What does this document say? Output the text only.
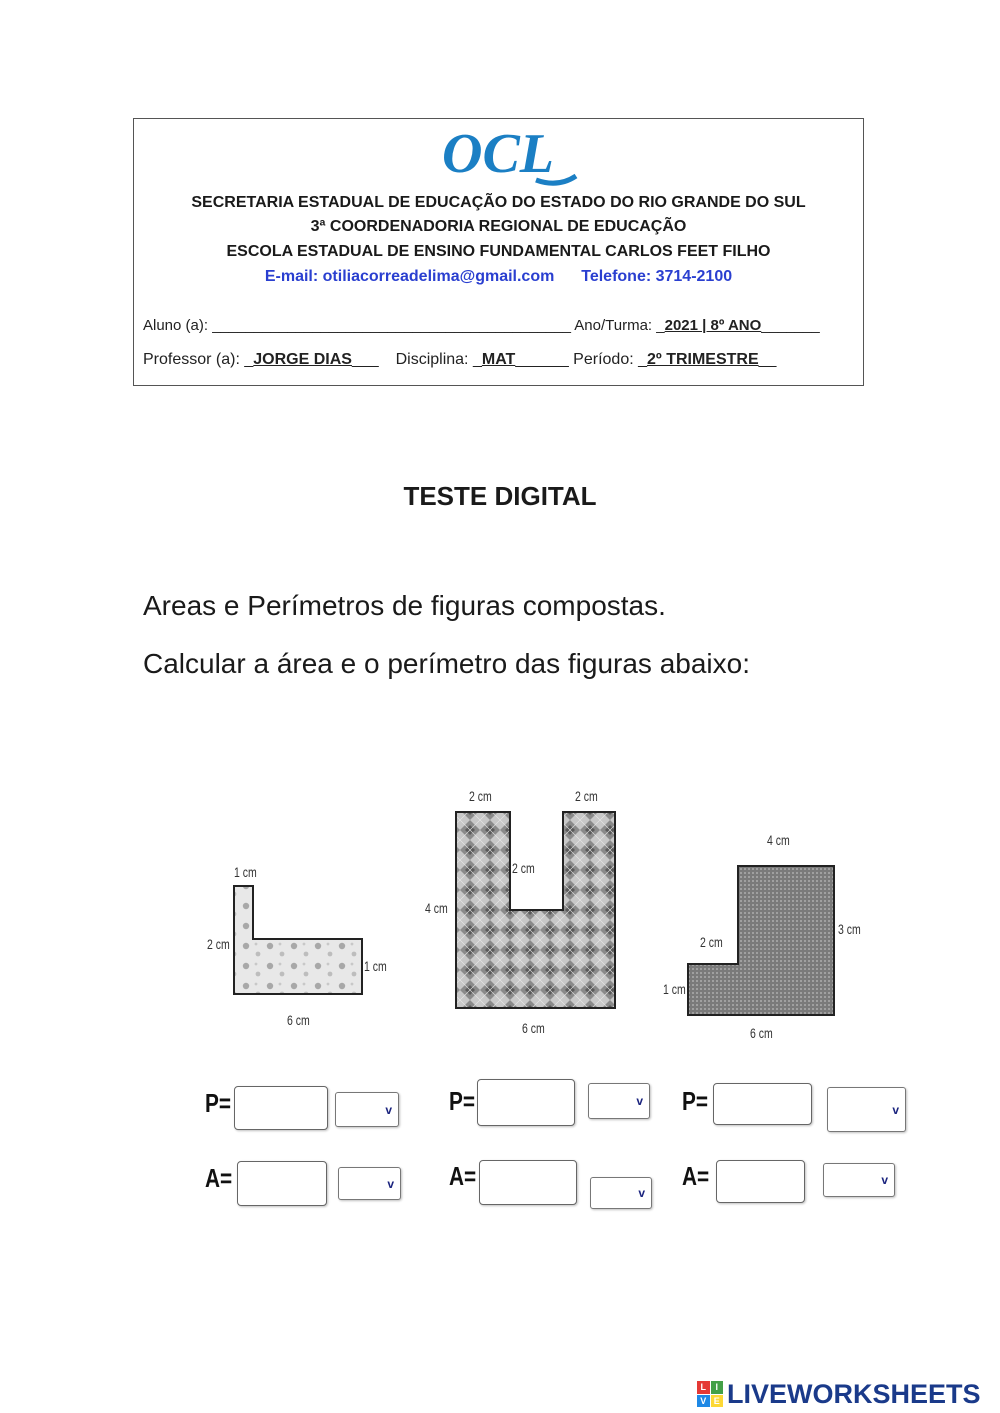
OCL
SECRETARIA ESTADUAL DE EDUCAÇÃO DO ESTADO DO RIO GRANDE DO SUL
3ª COORDENADORIA REGIONAL DE EDUCAÇÃO
ESCOLA ESTADUAL DE ENSINO FUNDAMENTAL CARLOS FEET FILHO
E-mail: otiliacorreadelima@gmail.com Telefone: 3714-2100
Aluno (a): ___________________________________________ Ano/Turma: _2021 | 8º ANO_______
Professor (a): _JORGE DIAS___ Disciplina: _MAT______ Período: _2º TRIMESTRE__
TESTE DIGITAL
Areas e Perímetros de figuras compostas.
Calcular a área e o perímetro das figuras abaixo:
1 cm
2 cm
1 cm
6 cm
2 cm	2 cm
2 cm
4 cm
6 cm
4 cm
3 cm
2 cm
1 cm
6 cm
P=	v
A=	v
P=	v
A=
v
P=	v
A=	v
L	I
V E LIVEWORKSHEETS
